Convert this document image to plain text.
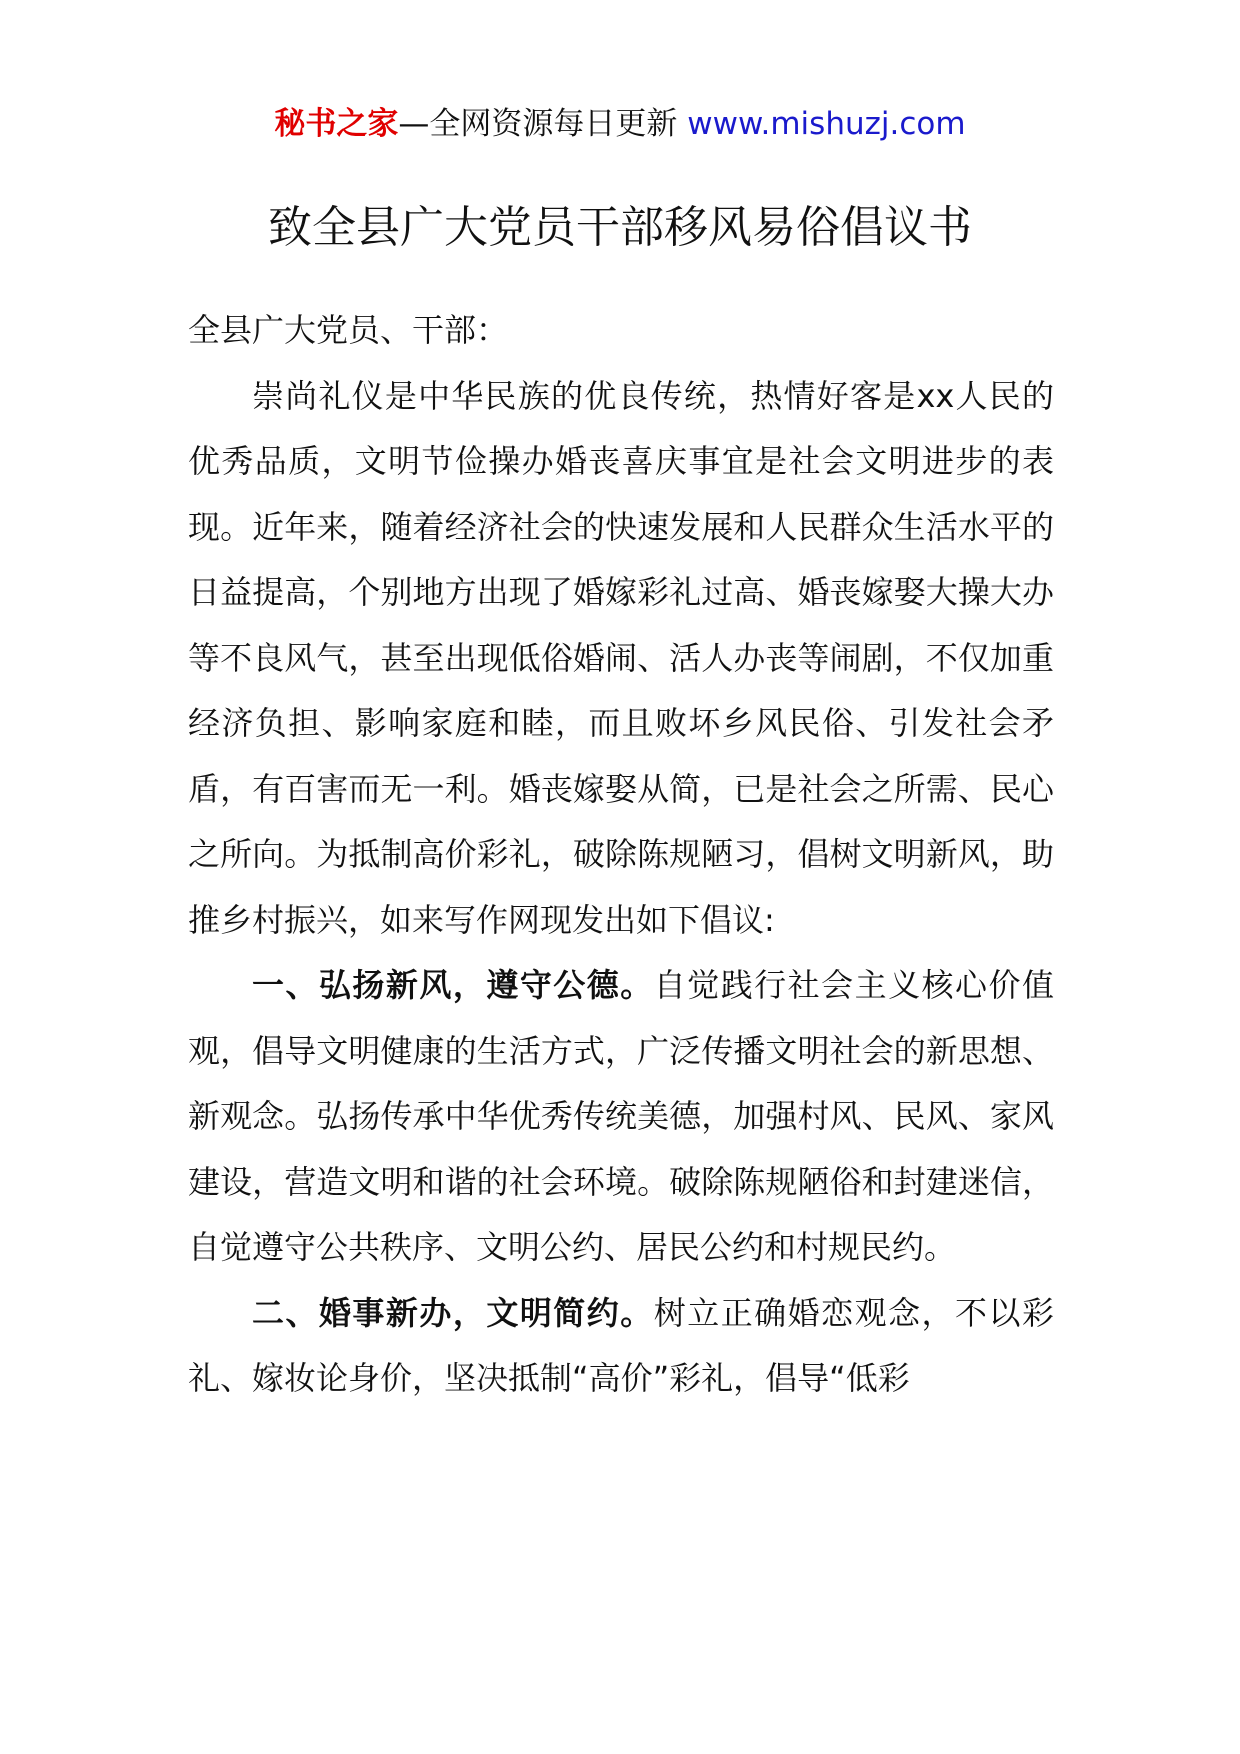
秘书之家—全网资源每日更新 www.mishuzj.com
致全县广大党员干部移风易俗倡议书

全县广大党员、干部：

崇尚礼仪是中华民族的优良传统，热情好客是xx人民的优秀品质，文明节俭操办婚丧喜庆事宜是社会文明进步的表现。近年来，随着经济社会的快速发展和人民群众生活水平的日益提高，个别地方出现了婚嫁彩礼过高、婚丧嫁娶大操大办等不良风气，甚至出现低俗婚闹、活人办丧等闹剧，不仅加重经济负担、影响家庭和睦，而且败坏乡风民俗、引发社会矛盾，有百害而无一利。婚丧嫁娶从简，已是社会之所需、民心之所向。为抵制高价彩礼，破除陈规陋习，倡树文明新风，助推乡村振兴，如来写作网现发出如下倡议:

一、弘扬新风，遵守公德。自觉践行社会主义核心价值观，倡导文明健康的生活方式，广泛传播文明社会的新思想、新观念。弘扬传承中华优秀传统美德，加强村风、民风、家风建设，营造文明和谐的社会环境。破除陈规陋俗和封建迷信，自觉遵守公共秩序、文明公约、居民公约和村规民约。

二、婚事新办，文明简约。树立正确婚恋观念，不以彩礼、嫁妆论身价，坚决抵制“高价”彩礼，倡导“低彩
